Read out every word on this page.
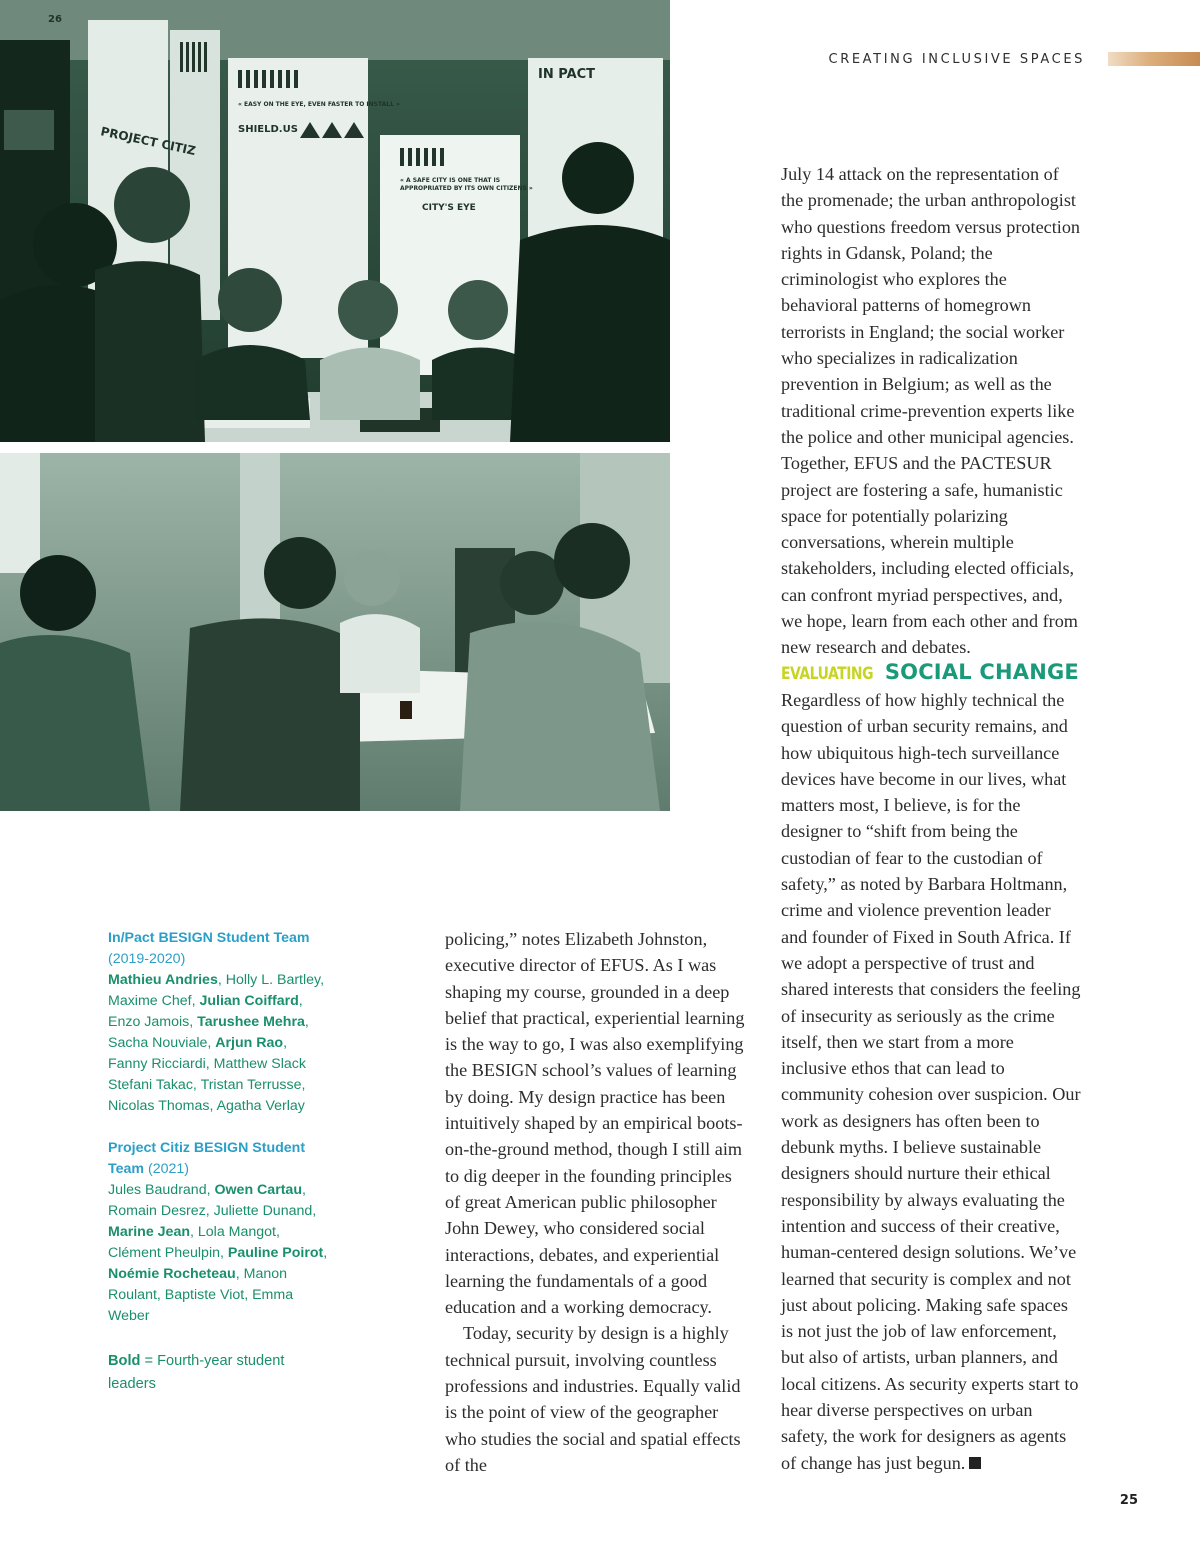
CREATING INCLUSIVE SPACES
PROJECT CITIZ	SHIELD.US
IN PACT
CITY'S EYE
« EASY ON THE EYE, EVEN FASTER TO INSTALL »
« A SAFE CITY IS ONE THAT IS
APPROPRIATED BY ITS OWN CITIZENS »
26

July 14 attack on the representation of the promenade; the urban anthropologist who questions freedom versus protection rights in Gdansk, Poland; the criminologist who explores the behavioral patterns of homegrown terrorists in England; the social worker who specializes in radicalization prevention in Belgium; as well as the traditional crime-prevention experts like the police and other municipal agencies. Together, EFUS and the PACTESUR project are fostering a safe, humanistic space for potentially polarizing conversations, wherein multiple stakeholders, including elected officials, can confront myriad perspectives, and, we hope, learn from each other and from new research and debates.

EVALUATING SOCIAL CHANGE

Regardless of how highly technical the question of urban security remains, and how ubiquitous high-tech surveillance devices have become in our lives, what matters most, I believe, is for the designer to “shift from being the custodian of fear to the custodian of safety,” as noted by Barbara Holtmann, crime and violence prevention leader and founder of Fixed in South Africa. If we adopt a perspective of trust and shared interests that considers the feeling of insecurity as seriously as the crime itself, then we start from a more inclusive ethos that can lead to community cohesion over suspicion. Our work as designers has often been to debunk myths. I believe sustainable designers should nurture their ethical responsibility by always evaluating the intention and success of their creative, human-centered design solutions. We’ve learned that security is complex and not just about policing. Making safe spaces is not just the job of law enforcement, but also of artists, urban planners, and local citizens. As security experts start to hear diverse perspectives on urban safety, the work for designers as agents of change has just begun.

policing,” notes Elizabeth Johnston, executive director of EFUS. As I was shaping my course, grounded in a deep belief that practical, experiential learning is the way to go, I was also exemplifying the BESIGN school’s values of learning by doing. My design practice has been intuitively shaped by an empirical boots-on-the-ground method, though I still aim to dig deeper in the founding principles of great American public philosopher John Dewey, who considered social interactions, debates, and experiential learning the fundamentals of a good education and a working democracy.

Today, security by design is a highly technical pursuit, involving countless professions and industries. Equally valid is the point of view of the geographer who studies the social and spatial effects of the

In/Pact BESIGN Student Team
(2019-2020)
Mathieu Andries, Holly L. Bartley, Maxime Chef, Julian Coiffard, Enzo Jamois, Tarushee Mehra, Sacha Nouviale, Arjun Rao, Fanny Ricciardi, Matthew Slack Stefani Takac, Tristan Terrusse, Nicolas Thomas, Agatha Verlay
Project Citiz BESIGN Student Team (2021)
Jules Baudrand, Owen Cartau, Romain Desrez, Juliette Dunand, Marine Jean, Lola Mangot, Clément Pheulpin, Pauline Poirot, Noémie Rocheteau, Manon Roulant, Baptiste Viot, Emma Weber
Bold = Fourth-year student leaders
25
